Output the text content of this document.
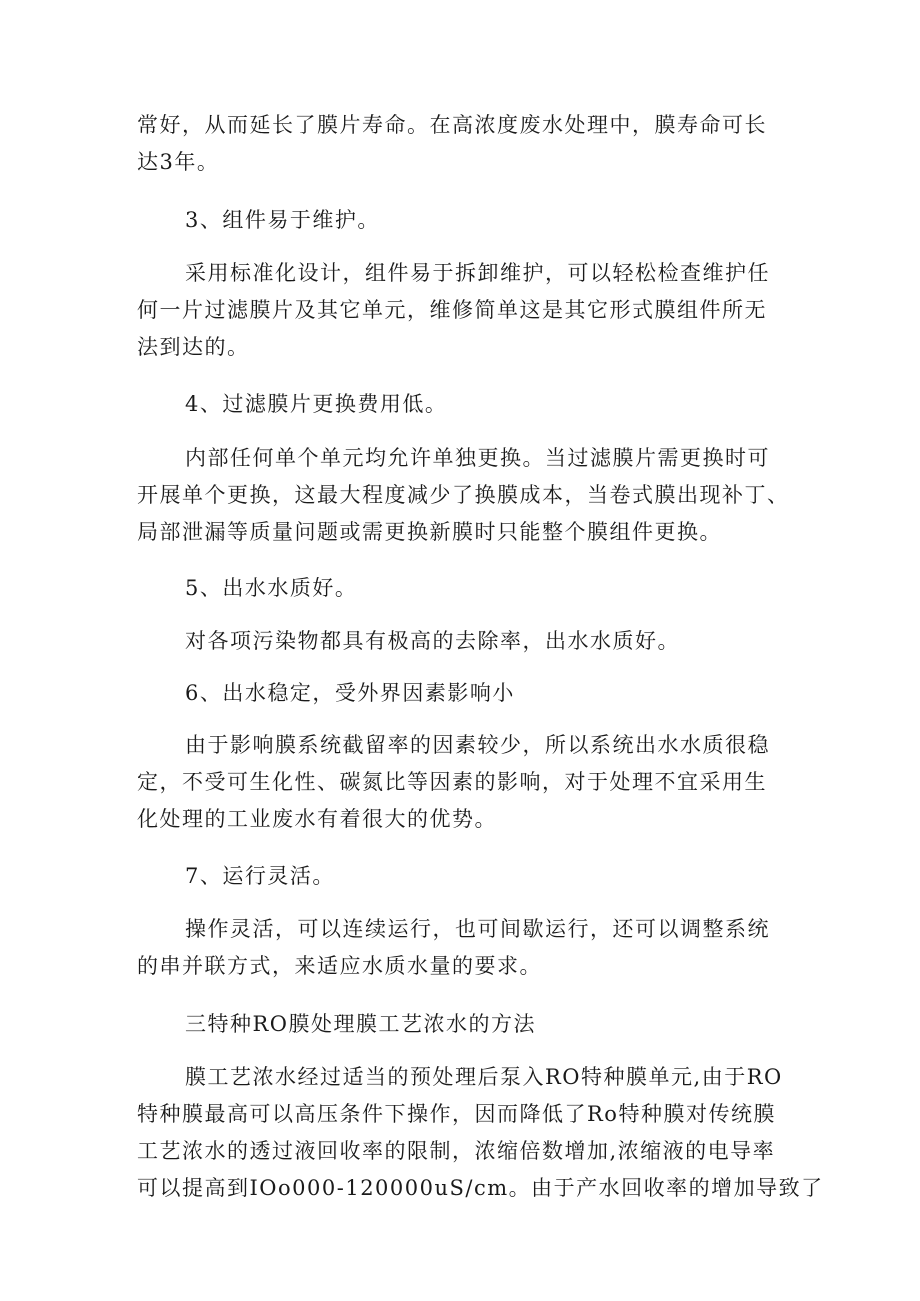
常好，从而延长了膜片寿命。在高浓度废水处理中，膜寿命可长
达3年。
3、组件易于维护。
采用标准化设计，组件易于拆卸维护，可以轻松检查维护任
何一片过滤膜片及其它单元，维修简单这是其它形式膜组件所无
法到达的。
4、过滤膜片更换费用低。
内部任何单个单元均允许单独更换。当过滤膜片需更换时可
开展单个更换，这最大程度减少了换膜成本，当卷式膜出现补丁、
局部泄漏等质量问题或需更换新膜时只能整个膜组件更换。
5、出水水质好。
对各项污染物都具有极高的去除率，出水水质好。
6、出水稳定，受外界因素影响小
由于影响膜系统截留率的因素较少，所以系统出水水质很稳
定，不受可生化性、碳氮比等因素的影响，对于处理不宜采用生
化处理的工业废水有着很大的优势。
7、运行灵活。
操作灵活，可以连续运行，也可间歇运行，还可以调整系统
的串并联方式，来适应水质水量的要求。
三特种RO膜处理膜工艺浓水的方法
膜工艺浓水经过适当的预处理后泵入RO特种膜单元,由于RO
特种膜最高可以高压条件下操作，因而降低了Ro特种膜对传统膜
工艺浓水的透过液回收率的限制，浓缩倍数增加,浓缩液的电导率
可以提高到IOo000-120000uS/cm。由于产水回收率的增加导致了
